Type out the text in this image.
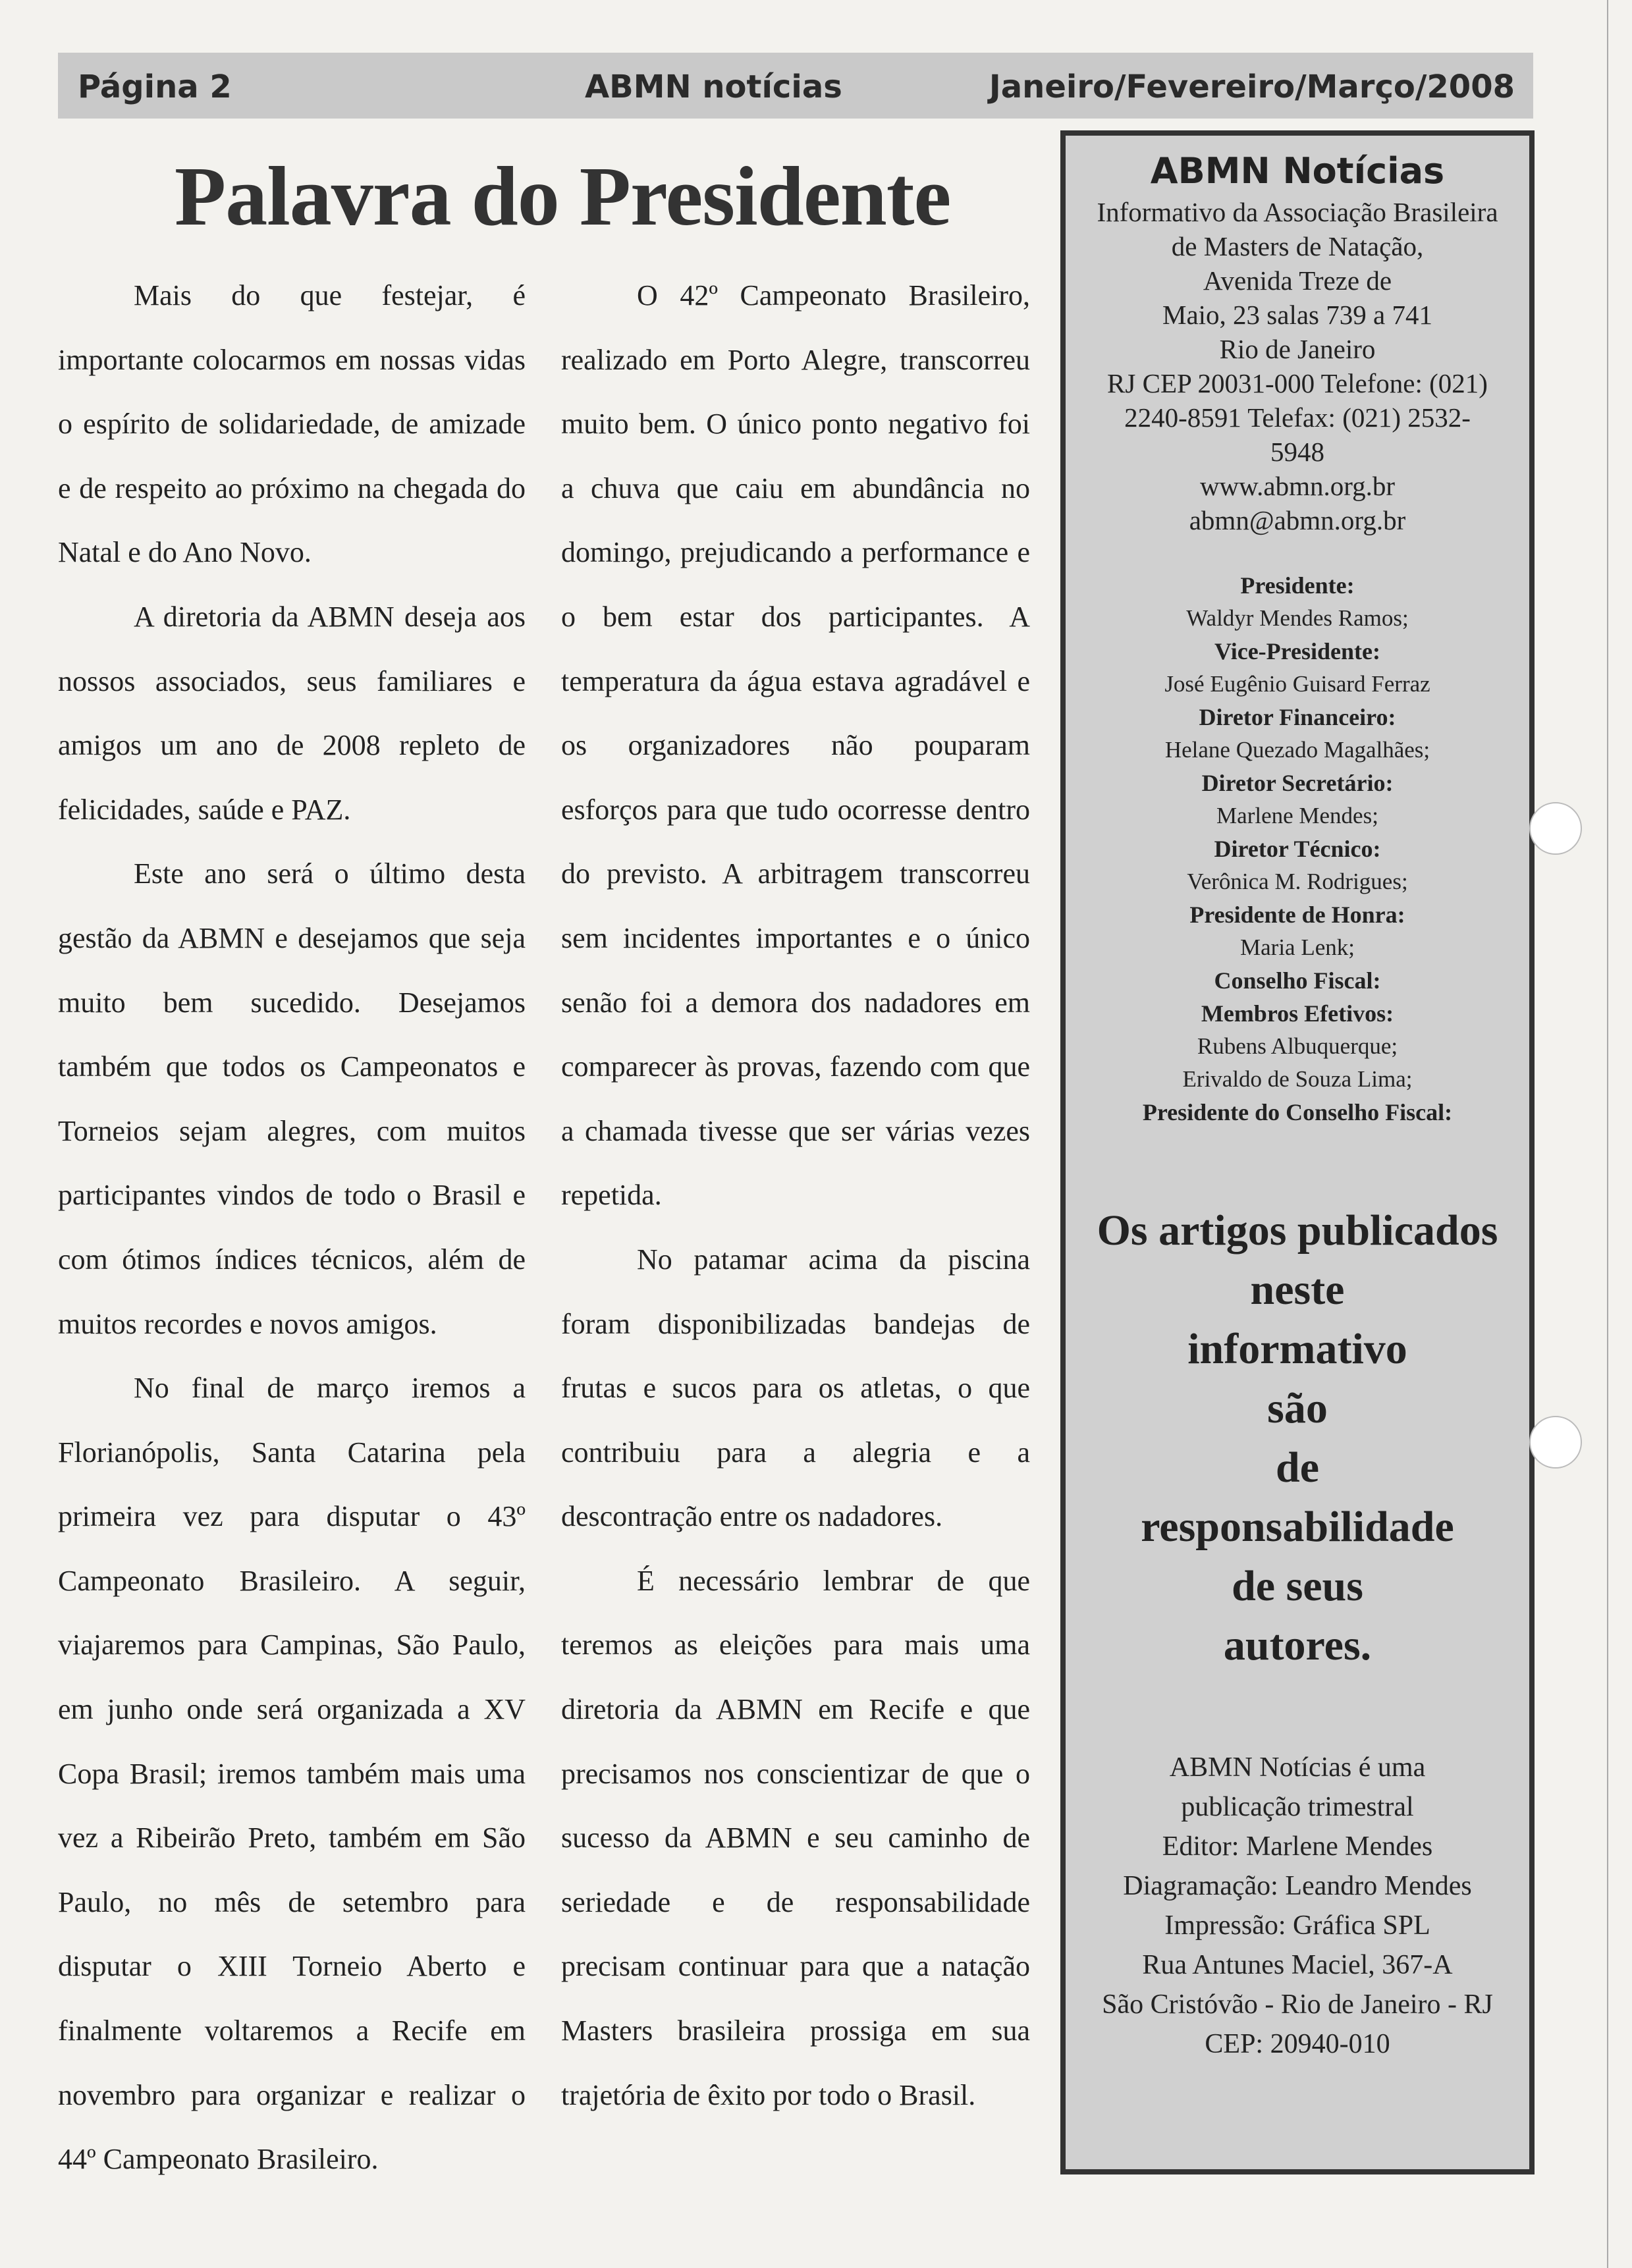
Página 2	ABMN notícias	Janeiro/Fevereiro/Março/2008
Palavra do Presidente

Mais do que festejar, é importante colocarmos em nossas vidas o espírito de solidariedade, de amizade e de respeito ao próximo na chegada do Natal e do Ano Novo.

A diretoria da ABMN deseja aos nossos associados, seus familiares e amigos um ano de 2008 repleto de felicidades, saúde e PAZ.

Este ano será o último desta gestão da ABMN e desejamos que seja muito bem sucedido. Desejamos também que todos os Campeonatos e Torneios sejam alegres, com muitos participantes vindos de todo o Brasil e com ótimos índices técnicos, além de muitos recordes e novos amigos.

No final de março iremos a Florianópolis, Santa Catarina pela primeira vez para disputar o 43º Campeonato Brasileiro. A seguir, viajaremos para Campinas, São Paulo, em junho onde será organizada a XV Copa Brasil; iremos também mais uma vez a Ribeirão Preto, também em São Paulo, no mês de setembro para disputar o XIII Torneio Aberto e finalmente voltaremos a Recife em novembro para organizar e realizar o 44º Campeonato Brasileiro.

O 42º Campeonato Brasileiro, realizado em Porto Alegre, transcorreu muito bem. O único ponto negativo foi a chuva que caiu em abundância no domingo, prejudicando a performance e o bem estar dos participantes. A temperatura da água estava agradável e os organizadores não pouparam esforços para que tudo ocorresse dentro do previsto. A arbitragem transcorreu sem incidentes importantes e o único senão foi a demora dos nadadores em comparecer às provas, fazendo com que a chamada tivesse que ser várias vezes repetida.

No patamar acima da piscina foram disponibilizadas bandejas de frutas e sucos para os atletas, o que contribuiu para a alegria e a descontração entre os nadadores.

É necessário lembrar de que teremos as eleições para mais uma diretoria da ABMN em Recife e que precisamos nos conscientizar de que o sucesso da ABMN e seu caminho de seriedade e de responsabilidade precisam continuar para que a natação Masters brasileira prossiga em sua trajetória de êxito por todo o Brasil.

ABMN Notícias
Informativo da Associação Brasileira
de Masters de Natação,
Avenida Treze de
Maio, 23 salas 739 a 741
Rio de Janeiro
RJ CEP 20031-000 Telefone: (021)
2240-8591 Telefax: (021) 2532-
5948
www.abmn.org.br
abmn@abmn.org.br
Presidente:
Waldyr Mendes Ramos;
Vice-Presidente:
José Eugênio Guisard Ferraz
Diretor Financeiro:
Helane Quezado Magalhães;
Diretor Secretário:
Marlene Mendes;
Diretor Técnico:
Verônica M. Rodrigues;
Presidente de Honra:
Maria Lenk;
Conselho Fiscal:
Membros Efetivos:
Rubens Albuquerque;
Erivaldo de Souza Lima;
Presidente do Conselho Fiscal:
Os artigos publicados
neste
informativo
são
de
responsabilidade
de seus
autores.
ABMN Notícias é uma
publicação trimestral
Editor: Marlene Mendes
Diagramação: Leandro Mendes
Impressão: Gráfica SPL
Rua Antunes Maciel, 367-A
São Cristóvão - Rio de Janeiro - RJ
CEP: 20940-010
